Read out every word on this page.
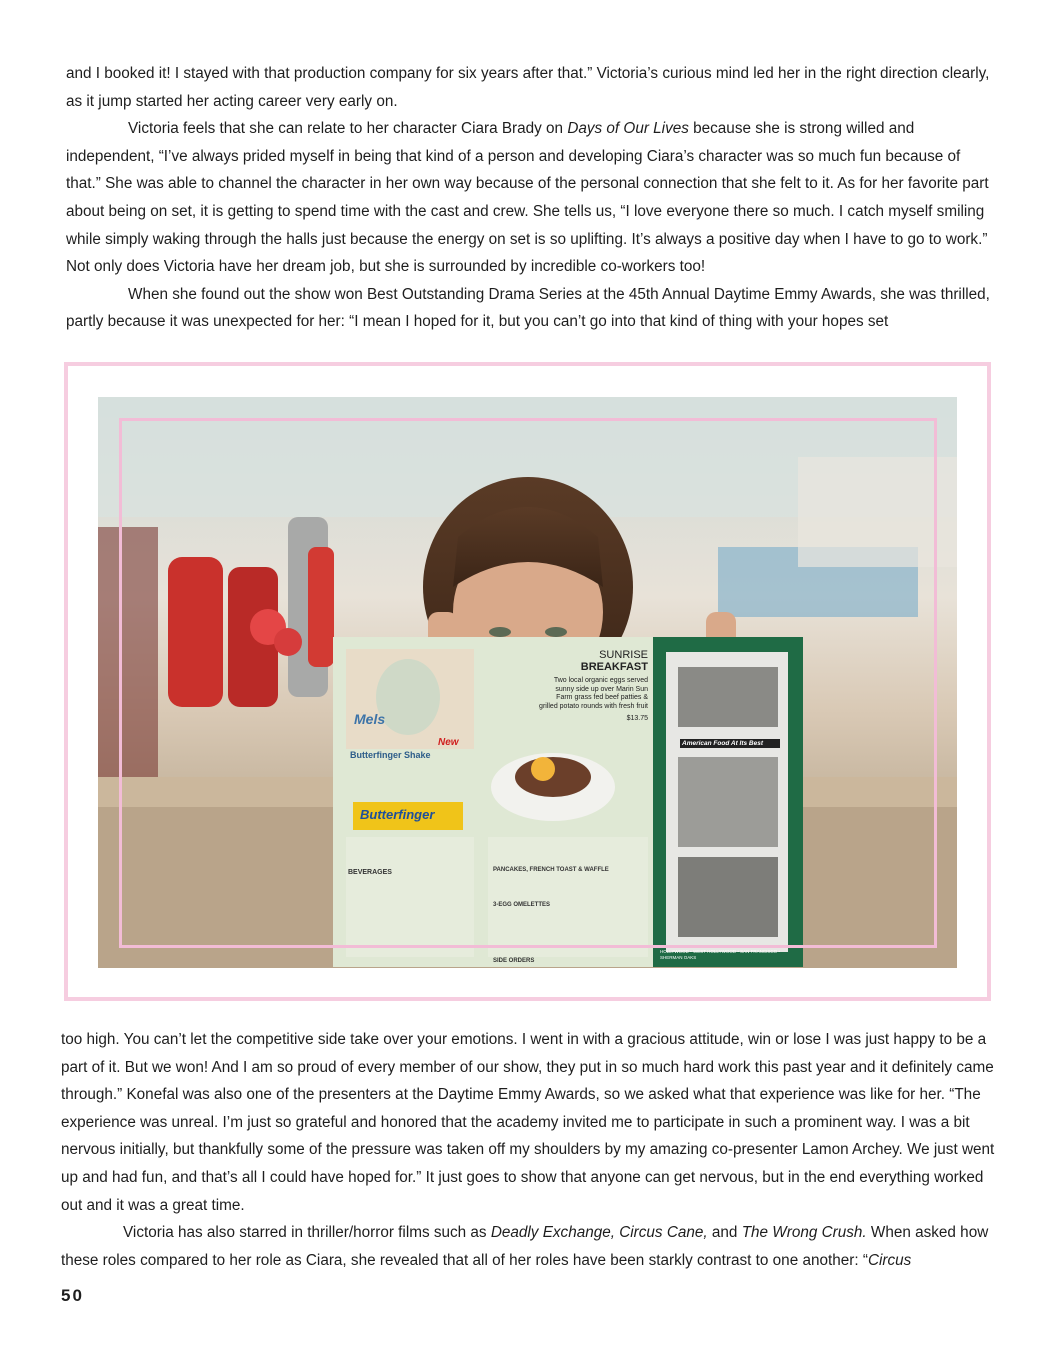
and I booked it! I stayed with that production company for six years after that.” Victoria’s curious mind led her in the right direction clearly, as it jump started her acting career very early on.

Victoria feels that she can relate to her character Ciara Brady on Days of Our Lives because she is strong willed and independent, “I’ve always prided myself in being that kind of a person and developing Ciara’s character was so much fun because of that.” She was able to channel the character in her own way because of the personal connection that she felt to it. As for her favorite part about being on set, it is getting to spend time with the cast and crew. She tells us, “I love everyone there so much. I catch myself smiling while simply waking through the halls just because the energy on set is so uplifting. It’s always a positive day when I have to go to work.” Not only does Victoria have her dream job, but she is surrounded by incredible co-workers too!

When she found out the show won Best Outstanding Drama Series at the 45th Annual Daytime Emmy Awards, she was thrilled, partly because it was unexpected for her: “I mean I hoped for it, but you can’t go into that kind of thing with your hopes set

Butterfinger Shake
Mels
New
Butterfinger
BEVERAGES
SUNRISE
BREAKFAST
Two local organic eggs served sunny side up over Marin Sun Farm grass fed beef patties & grilled potato rounds with fresh fruit
$13.75
PANCAKES, FRENCH TOAST & WAFFLE
3-EGG OMELETTES
SIDE ORDERS
American Food At Its Best
HOLLYWOOD • WEST HOLLYWOOD • SAN FRANCISCO • SHERMAN OAKS

too high. You can’t let the competitive side take over your emotions. I went in with a gracious attitude, win or lose I was just happy to be a part of it. But we won! And I am so proud of every member of our show, they put in so much hard work this past year and it definitely came through.” Konefal was also one of the presenters at the Daytime Emmy Awards, so we asked what that experience was like for her. “The experience was unreal. I’m just so grateful and honored that the academy invited me to participate in such a prominent way. I was a bit nervous initially, but thankfully some of the pressure was taken off my shoulders by my amazing co-presenter Lamon Archey. We just went up and had fun, and that’s all I could have hoped for.” It just goes to show that anyone can get nervous, but in the end everything worked out and it was a great time.

Victoria has also starred in thriller/horror films such as Deadly Exchange, Circus Cane, and The Wrong Crush. When asked how these roles compared to her role as Ciara, she revealed that all of her roles have been starkly contrast to one another: “Circus

50
